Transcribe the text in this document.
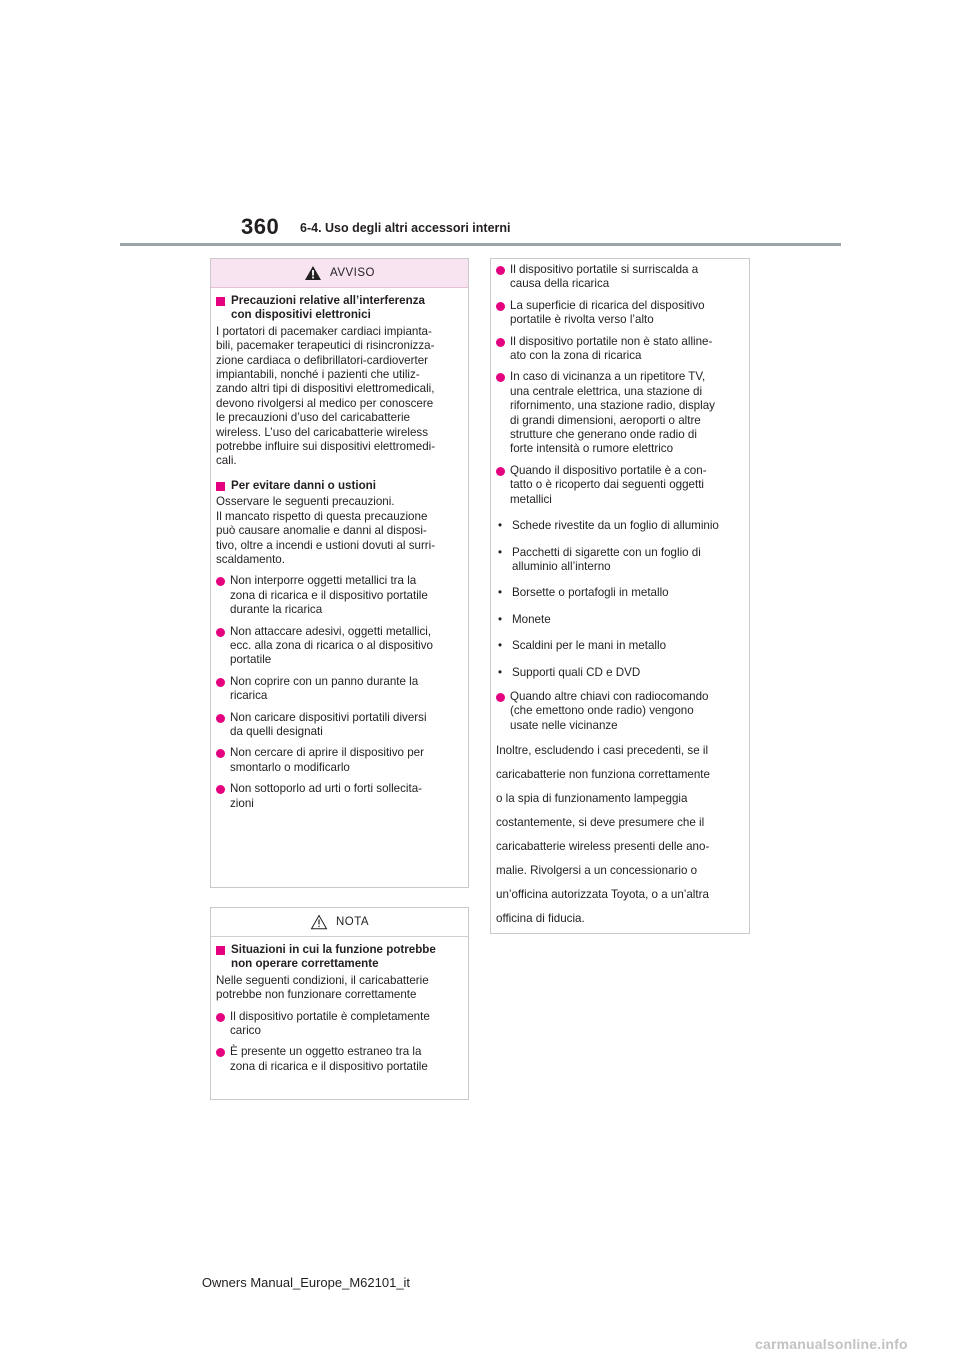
360 6-4. Uso degli altri accessori interni
AVVISO
Precauzioni relative all’interferenza
con dispositivi elettronici
I portatori di pacemaker cardiaci impianta-
bili, pacemaker terapeutici di risincronizza-
zione cardiaca o defibrillatori-cardioverter
impiantabili, nonché i pazienti che utiliz-
zando altri tipi di dispositivi elettromedicali,
devono rivolgersi al medico per conoscere
le precauzioni d’uso del caricabatterie
wireless. L’uso del caricabatterie wireless
potrebbe influire sui dispositivi elettromedi-
cali.
Per evitare danni o ustioni
Osservare le seguenti precauzioni.
Il mancato rispetto di questa precauzione
può causare anomalie e danni al disposi-
tivo, oltre a incendi e ustioni dovuti al surri-
scaldamento.
Non interporre oggetti metallici tra la
zona di ricarica e il dispositivo portatile
durante la ricarica
Non attaccare adesivi, oggetti metallici,
ecc. alla zona di ricarica o al dispositivo
portatile
Non coprire con un panno durante la
ricarica
Non caricare dispositivi portatili diversi
da quelli designati
Non cercare di aprire il dispositivo per
smontarlo o modificarlo
Non sottoporlo ad urti o forti sollecita-
zioni
NOTA
Situazioni in cui la funzione potrebbe
non operare correttamente
Nelle seguenti condizioni, il caricabatterie
potrebbe non funzionare correttamente
Il dispositivo portatile è completamente
carico
È presente un oggetto estraneo tra la
zona di ricarica e il dispositivo portatile
Il dispositivo portatile si surriscalda a
causa della ricarica
La superficie di ricarica del dispositivo
portatile è rivolta verso l’alto
Il dispositivo portatile non è stato alline-
ato con la zona di ricarica
In caso di vicinanza a un ripetitore TV,
una centrale elettrica, una stazione di
rifornimento, una stazione radio, display
di grandi dimensioni, aeroporti o altre
strutture che generano onde radio di
forte intensità o rumore elettrico
Quando il dispositivo portatile è a con-
tatto o è ricoperto dai seguenti oggetti
metallici
• Schede rivestite da un foglio di alluminio
• Pacchetti di sigarette con un foglio di
alluminio all’interno
• Borsette o portafogli in metallo
• Monete
• Scaldini per le mani in metallo
• Supporti quali CD e DVD
Quando altre chiavi con radiocomando
(che emettono onde radio) vengono
usate nelle vicinanze
Inoltre, escludendo i casi precedenti, se il
caricabatterie non funziona correttamente
o la spia di funzionamento lampeggia
costantemente, si deve presumere che il
caricabatterie wireless presenti delle ano-
malie. Rivolgersi a un concessionario o
un’officina autorizzata Toyota, o a un’altra
officina di fiducia.
Owners Manual_Europe_M62101_it
carmanualsonline.info
